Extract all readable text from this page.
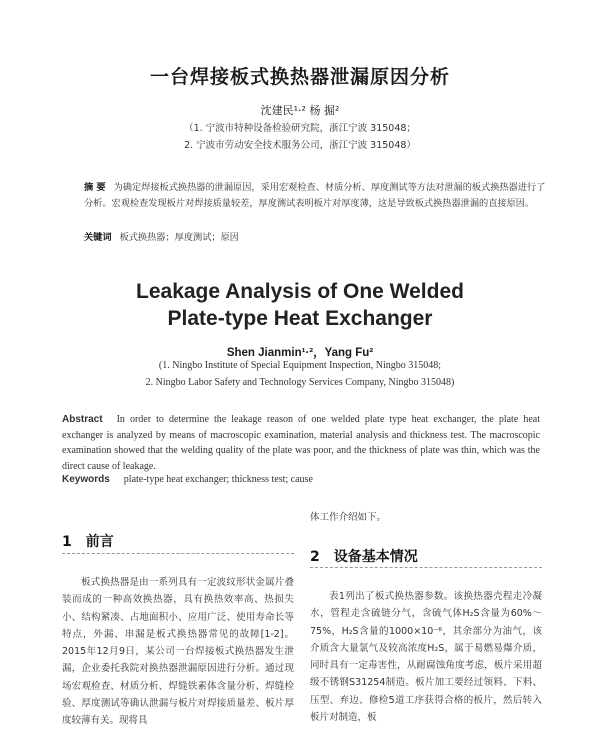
一台焊接板式换热器泄漏原因分析
沈建民¹·² 杨 掘²
（1. 宁波市特种设备检验研究院，浙江宁波 315048；
2. 宁波市劳动安全技术服务公司，浙江宁波 315048）
摘 要 为确定焊接板式换热器的泄漏原因，采用宏观检查、材质分析、厚度测试等方法对泄漏的板式换热器进行了分析。宏观检查发现板片对焊接质量较差，厚度测试表明板片对厚度薄，这是导致板式换热器泄漏的直接原因。
关键词 板式换热器；厚度测试；原因
Leakage Analysis of One Welded
Plate-type Heat Exchanger
Shen Jianmin¹·²，Yang Fu²
(1. Ningbo Institute of Special Equipment Inspection, Ningbo 315048;
2. Ningbo Labor Safety and Technology Services Company, Ningbo 315048)
Abstract In order to determine the leakage reason of one welded plate type heat exchanger, the plate heat exchanger is analyzed by means of macroscopic examination, material analysis and thickness test. The macroscopic examination showed that the welding quality of the plate was poor, and the thickness of plate was thin, which was the direct cause of leakage.
Keywords plate-type heat exchanger; thickness test; cause
体工作介绍如下。
1 前言
板式换热器是由一系列具有一定波纹形状金属片叠装而成的一种高效换热器，具有换热效率高、热损失小、结构紧凑、占地面积小、应用广泛、使用寿命长等特点，外漏、串漏是板式换热器常见的故障[1-2]。2015年12月9日，某公司一台焊接板式换热器发生泄漏，企业委托我院对换热器泄漏原因进行分析。通过现场宏观检查、材质分析、焊缝铁素体含量分析、焊缝检验、厚度测试等确认泄漏与板片对焊接质量差、板片厚度较薄有关。现将具
2 设备基本情况
表1列出了板式换热器参数。该换热器壳程走冷凝水，管程走含硫链分气，含硫气体H₂S含量为60%～75%，H₂S含量的1000×10⁻⁶，其余部分为油气，该介质含大量氯气及较高浓度H₂S，属于易燃易爆介质，同时具有一定毒害性，从耐腐蚀角度考虑，板片采用超级不锈钢S31254制造。板片加工要经过领料、下料、压型、弃边、修检5道工序获得合格的板片，然后转入板片对制造，板
